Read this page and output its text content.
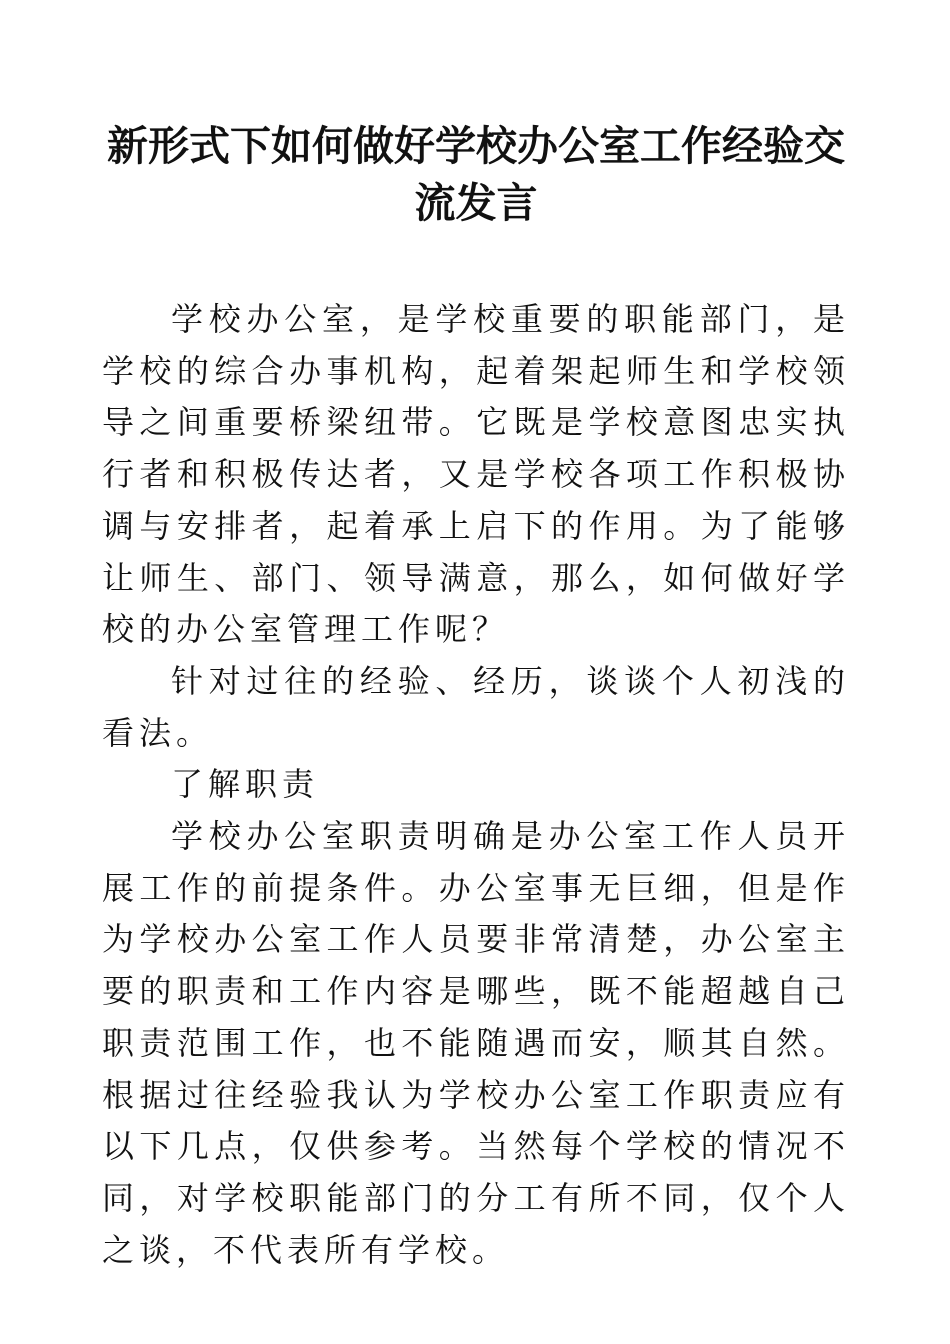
新形式下如何做好学校办公室工作经验交流发言

学校办公室，是学校重要的职能部门，是学校的综合办事机构，起着架起师生和学校领导之间重要桥梁纽带。它既是学校意图忠实执行者和积极传达者，又是学校各项工作积极协调与安排者，起着承上启下的作用。为了能够让师生、部门、领导满意，那么，如何做好学校的办公室管理工作呢？

针对过往的经验、经历，谈谈个人初浅的看法。

了解职责

学校办公室职责明确是办公室工作人员开展工作的前提条件。办公室事无巨细，但是作为学校办公室工作人员要非常清楚，办公室主要的职责和工作内容是哪些，既不能超越自己职责范围工作，也不能随遇而安，顺其自然。根据过往经验我认为学校办公室工作职责应有以下几点，仅供参考。当然每个学校的情况不同，对学校职能部门的分工有所不同，仅个人之谈，不代表所有学校。
